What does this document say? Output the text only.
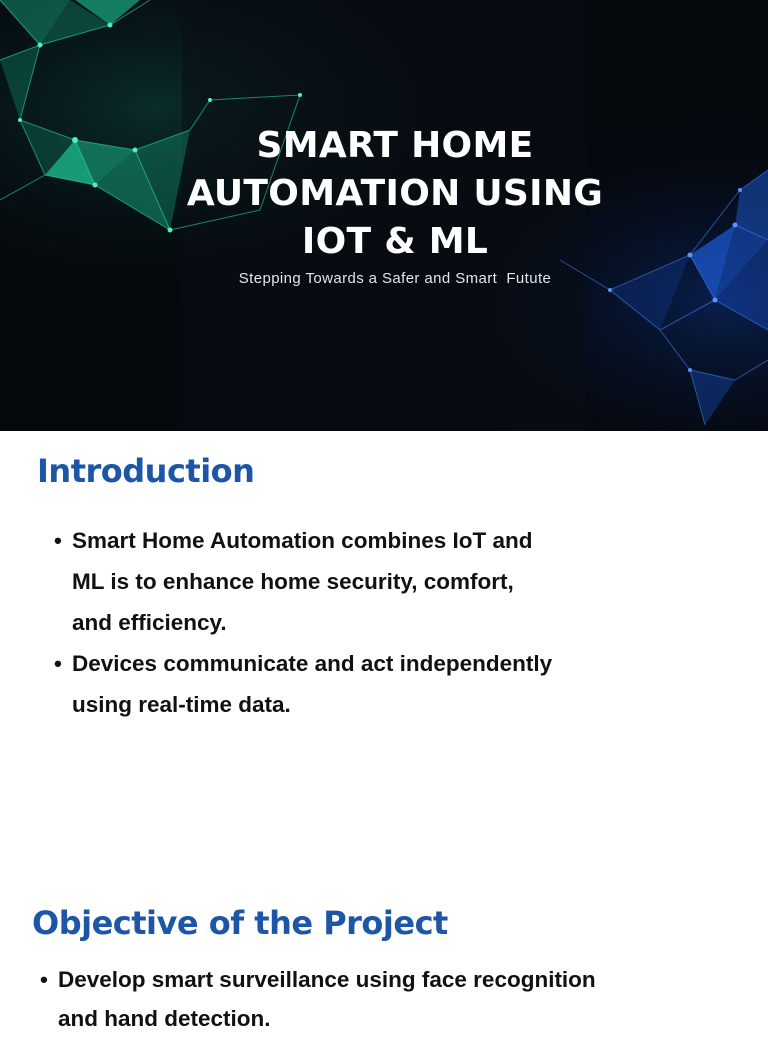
SMART HOME
AUTOMATION USING
IOT & ML
Stepping Towards a Safer and Smart  Futute
Introduction
• Smart Home Automation combines IoT and
ML is to enhance home security, comfort,
and efficiency.
• Devices communicate and act independently
using real-time data.
Objective of the Project
• Develop smart surveillance using face recognition
and hand detection.
